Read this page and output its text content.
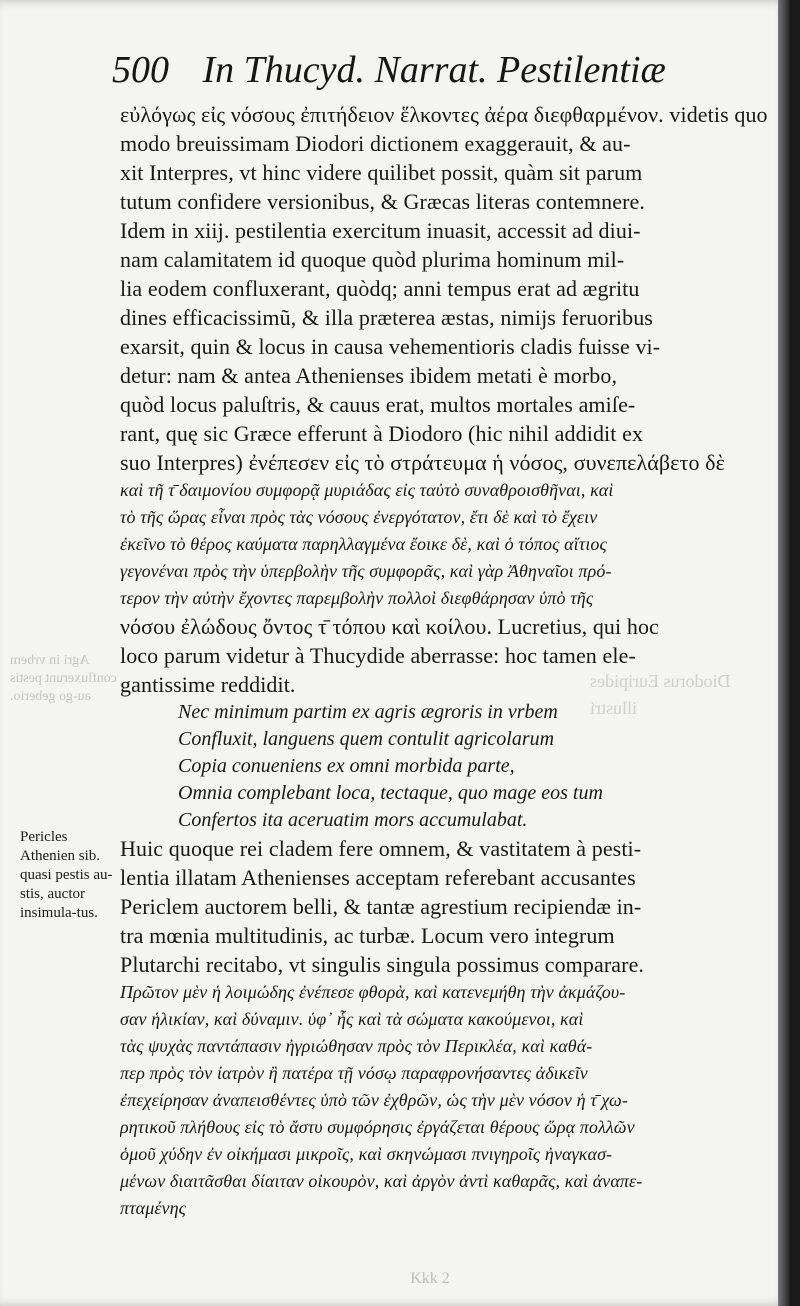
500 In Thucyd. Narrat. Pestilentiæ
Agri in vrbem confluxerunt pestis au-go geberio.
Diodorus Euripides illustri
εὐλόγως εἰς νόσους ἐπιτήδειον ἕλκοντες ἀέρα διεφθαρμένον. videtis quo
modo breuissimam Diodori dictionem exaggerauit, & au-
xit Interpres, vt hinc videre quilibet possit, quàm sit parum
tutum confidere versionibus, & Græcas literas contemnere.
Idem in xiij. pestilentia exercitum inuasit, accessit ad diui-
nam calamitatem id quoque quòd plurima hominum mil-
lia eodem confluxerant, quòdq; anni tempus erat ad ægritu
dines efficacissimũ, & illa præterea æstas, nimijs feruoribus
exarsit, quin & locus in causa vehementioris cladis fuisse vi-
detur: nam & antea Athenienses ibidem metati è morbo,
quòd locus paluſtris, & cauus erat, multos mortales amiſe-
rant, quę sic Græce efferunt à Diodoro (hic nihil addidit ex
suo Interpres) ἐνέπεσεν εἰς τὸ στράτευμα ἡ νόσος, συνεπελάβετο δὲ
καὶ τῆ τ̄ δαιμονίου συμφορᾷ μυριάδας εἰς ταὐτὸ συναθροισθῆναι, καὶ
τὸ τῆς ὥρας εἶναι πρὸς τὰς νόσους ἐνεργότατον, ἔτι δὲ καὶ τὸ ἔχειν
ἐκεῖνο τὸ θέρος καύματα παρηλλαγμένα ἔοικε δὲ, καὶ ὁ τόπος αἴτιος
γεγονέναι πρὸς τὴν ὑπερβολὴν τῆς συμφορᾶς, καὶ γὰρ Ἀθηναῖοι πρό-
τερον τὴν αὐτὴν ἔχοντες παρεμβολὴν πολλοὶ διεφθάρησαν ὑπὸ τῆς
νόσου ἐλώδους ὄντος τ̄ τόπου καὶ κοίλου. Lucretius, qui hoc
loco parum videtur à Thucydide aberrasse: hoc tamen ele-
gantissime reddidit.
Nec minimum partim ex agris ægroris in vrbem
Confluxit, languens quem contulit agricolarum
Copia conueniens ex omni morbida parte,
Omnia complebant loca, tectaque, quo mage eos tum
Confertos ita aceruatim mors accumulabat.
Huic quoque rei cladem fere omnem, & vastitatem à pesti-
lentia illatam Athenienses acceptam referebant accusantes
Periclem auctorem belli, & tantæ agrestium recipiendæ in-
tra mœnia multitudinis, ac turbæ. Locum vero integrum
Plutarchi recitabo, vt singulis singula possimus comparare.
Πρῶτον μὲν ἡ λοιμώδης ἐνέπεσε φθορὰ, καὶ κατενεμήθη τὴν ἀκμάζου-
σαν ἡλικίαν, καὶ δύναμιν. ὑφ᾽ ἧς καὶ τὰ σώματα κακούμενοι, καὶ
τὰς ψυχὰς παντάπασιν ἠγριώθησαν πρὸς τὸν Περικλέα, καὶ καθά-
περ πρὸς τὸν ἰατρὸν ἢ πατέρα τῇ νόσῳ παραφρονήσαντες ἀδικεῖν
ἐπεχείρησαν ἀναπεισθέντες ὑπὸ τῶν ἐχθρῶν, ὡς τὴν μὲν νόσον ἡ τ̄ χω-
ρητικοῦ πλήθους εἰς τὸ ἄστυ συμφόρησις ἐργάζεται θέρους ὥρᾳ πολλῶν
ὁμοῦ χύδην ἐν οἰκήμασι μικροῖς, καὶ σκηνώμασι πνιγηροῖς ἠναγκασ-
μένων διαιτᾶσθαι δίαιταν οἰκουρὸν, καὶ ἀργὸν ἀντὶ καθαρᾶς, καὶ ἀναπε-
πταμένης
Pericles Athenien sib. quasi pestis au-stis, auctor insimula-tus.
Kkk 2
